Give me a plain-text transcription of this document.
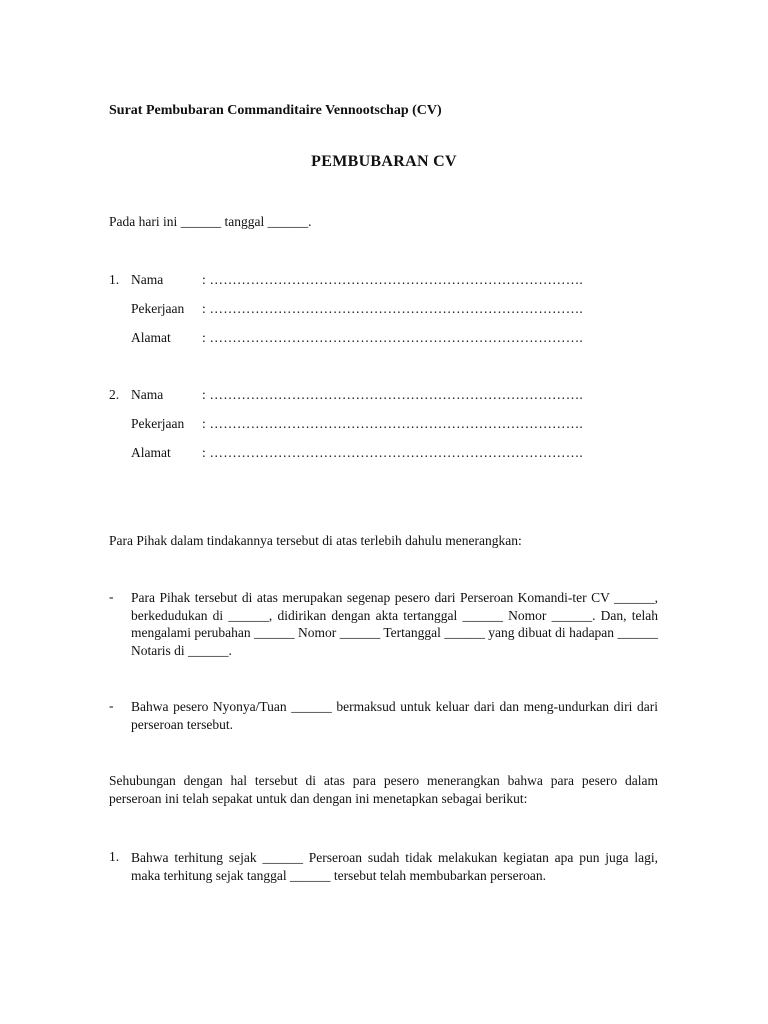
Surat Pembubaran Commanditaire Vennootschap (CV)
PEMBUBARAN CV
Pada hari ini ______ tanggal ______.
1. Nama	: ……………………………………………………………………….
Pekerjaan : ……………………………………………………………………….
Alamat : ……………………………………………………………………….
2. Nama	: ……………………………………………………………………….
Pekerjaan : ……………………………………………………………………….
Alamat : ……………………………………………………………………….
Para Pihak dalam tindakannya tersebut di atas terlebih dahulu menerangkan:
- Para Pihak tersebut di atas merupakan segenap pesero dari Perseroan Komandi-ter CV ______, berkedudukan di ______, didirikan dengan akta tertanggal ______ Nomor ______. Dan, telah mengalami perubahan ______ Nomor ______ Tertanggal ______ yang dibuat di hadapan ______ Notaris di ______.
- Bahwa pesero Nyonya/Tuan ______ bermaksud untuk keluar dari dan meng-undurkan diri dari perseroan tersebut.
Sehubungan dengan hal tersebut di atas para pesero menerangkan bahwa para pesero dalam perseroan ini telah sepakat untuk dan dengan ini menetapkan sebagai berikut:
1. Bahwa terhitung sejak ______ Perseroan sudah tidak melakukan kegiatan apa pun juga lagi, maka terhitung sejak tanggal ______ tersebut telah membubarkan perseroan.
